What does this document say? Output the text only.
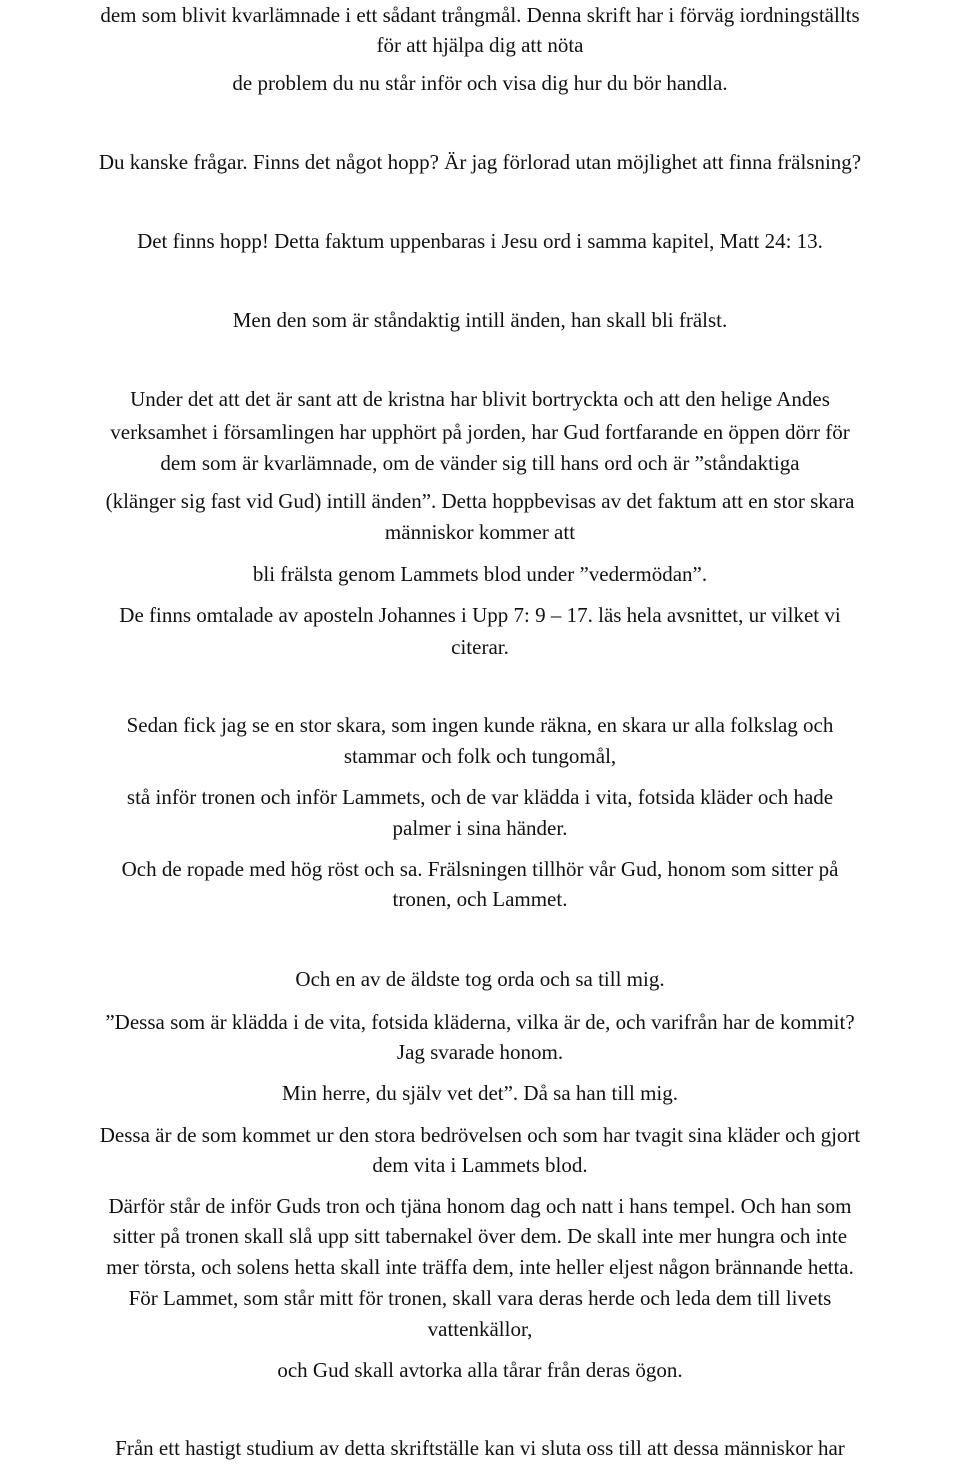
dem som blivit kvarlämnade i ett sådant trångmål. Denna skrift har i förväg iordningställts

för att hjälpa dig att nöta

de problem du nu står inför och visa dig hur du bör handla.

Du kanske frågar. Finns det något hopp? Är jag förlorad utan möjlighet att finna frälsning?

Det finns hopp! Detta faktum uppenbaras i Jesu ord i samma kapitel, Matt 24: 13.

Men den som är ståndaktig intill änden, han skall bli frälst.

Under det att det är sant att de kristna har blivit bortryckta och att den helige Andes

verksamhet i församlingen har upphört på jorden, har Gud fortfarande en öppen dörr för

dem som är kvarlämnade, om de vänder sig till hans ord och är ”ståndaktiga

(klänger sig fast vid Gud) intill änden”. Detta hoppbevisas av det faktum att en stor skara

människor kommer att

bli frälsta genom Lammets blod under ”vedermödan”.

De finns omtalade av aposteln Johannes i Upp 7: 9 – 17. läs hela avsnittet, ur vilket vi

citerar.

Sedan fick jag se en stor skara, som ingen kunde räkna, en skara ur alla folkslag och

stammar och folk och tungomål,

stå inför tronen och inför Lammets, och de var klädda i vita, fotsida kläder och hade

palmer i sina händer.

Och de ropade med hög röst och sa. Frälsningen tillhör vår Gud, honom som sitter på

tronen, och Lammet.

Och en av de äldste tog orda och sa till mig.

”Dessa som är klädda i de vita, fotsida kläderna, vilka är de, och varifrån har de kommit?

Jag svarade honom.

Min herre, du själv vet det”. Då sa han till mig.

Dessa är de som kommet ur den stora bedrövelsen och som har tvagit sina kläder och gjort

dem vita i Lammets blod.

Därför står de inför Guds tron och tjäna honom dag och natt i hans tempel. Och han som

sitter på tronen skall slå upp sitt tabernakel över dem. De skall inte mer hungra och inte

mer törsta, och solens hetta skall inte träffa dem, inte heller eljest någon brännande hetta.

För Lammet, som står mitt för tronen, skall vara deras herde och leda dem till livets

vattenkällor,

och Gud skall avtorka alla tårar från deras ögon.

Från ett hastigt studium av detta skriftställe kan vi sluta oss till att dessa människor har
